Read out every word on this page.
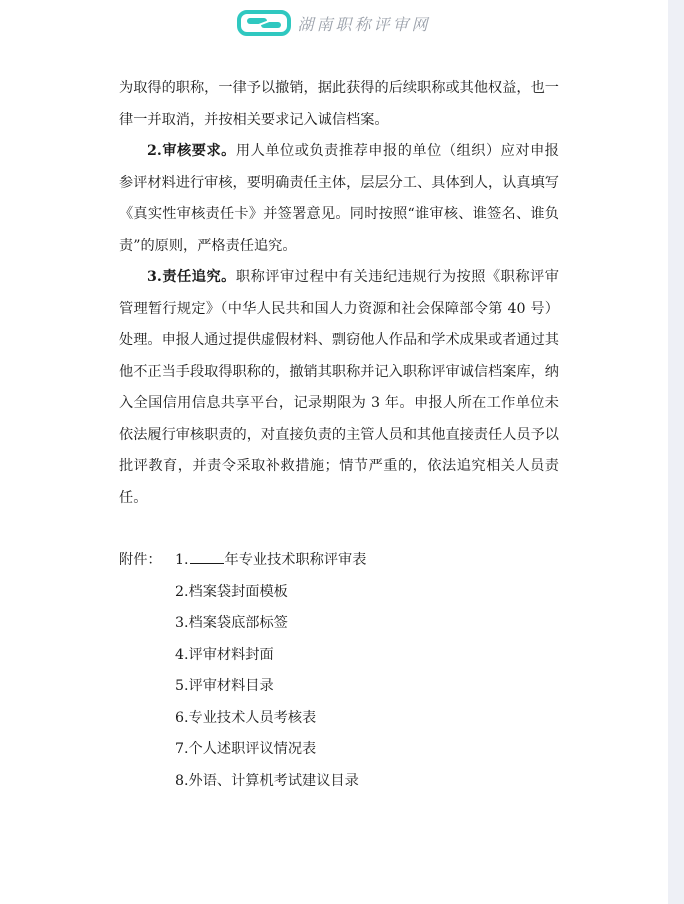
湖南职称评审网

为取得的职称，一律予以撤销，据此获得的后续职称或其他权益，也一律一并取消，并按相关要求记入诚信档案。

2.审核要求。用人单位或负责推荐申报的单位（组织）应对申报参评材料进行审核，要明确责任主体，层层分工、具体到人，认真填写《真实性审核责任卡》并签署意见。同时按照“谁审核、谁签名、谁负责”的原则，严格责任追究。

3.责任追究。职称评审过程中有关违纪违规行为按照《职称评审管理暂行规定》（中华人民共和国人力资源和社会保障部令第 40 号）处理。申报人通过提供虚假材料、剽窃他人作品和学术成果或者通过其他不正当手段取得职称的，撤销其职称并记入职称评审诚信档案库，纳入全国信用信息共享平台，记录期限为 3 年。申报人所在工作单位未依法履行审核职责的，对直接负责的主管人员和其他直接责任人员予以批评教育，并责令采取补救措施；情节严重的，依法追究相关人员责任。

附件： 1.	年专业技术职称评审表
2.档案袋封面模板
3.档案袋底部标签
4.评审材料封面
5.评审材料目录
6.专业技术人员考核表
7.个人述职评议情况表
8.外语、计算机考试建议目录
